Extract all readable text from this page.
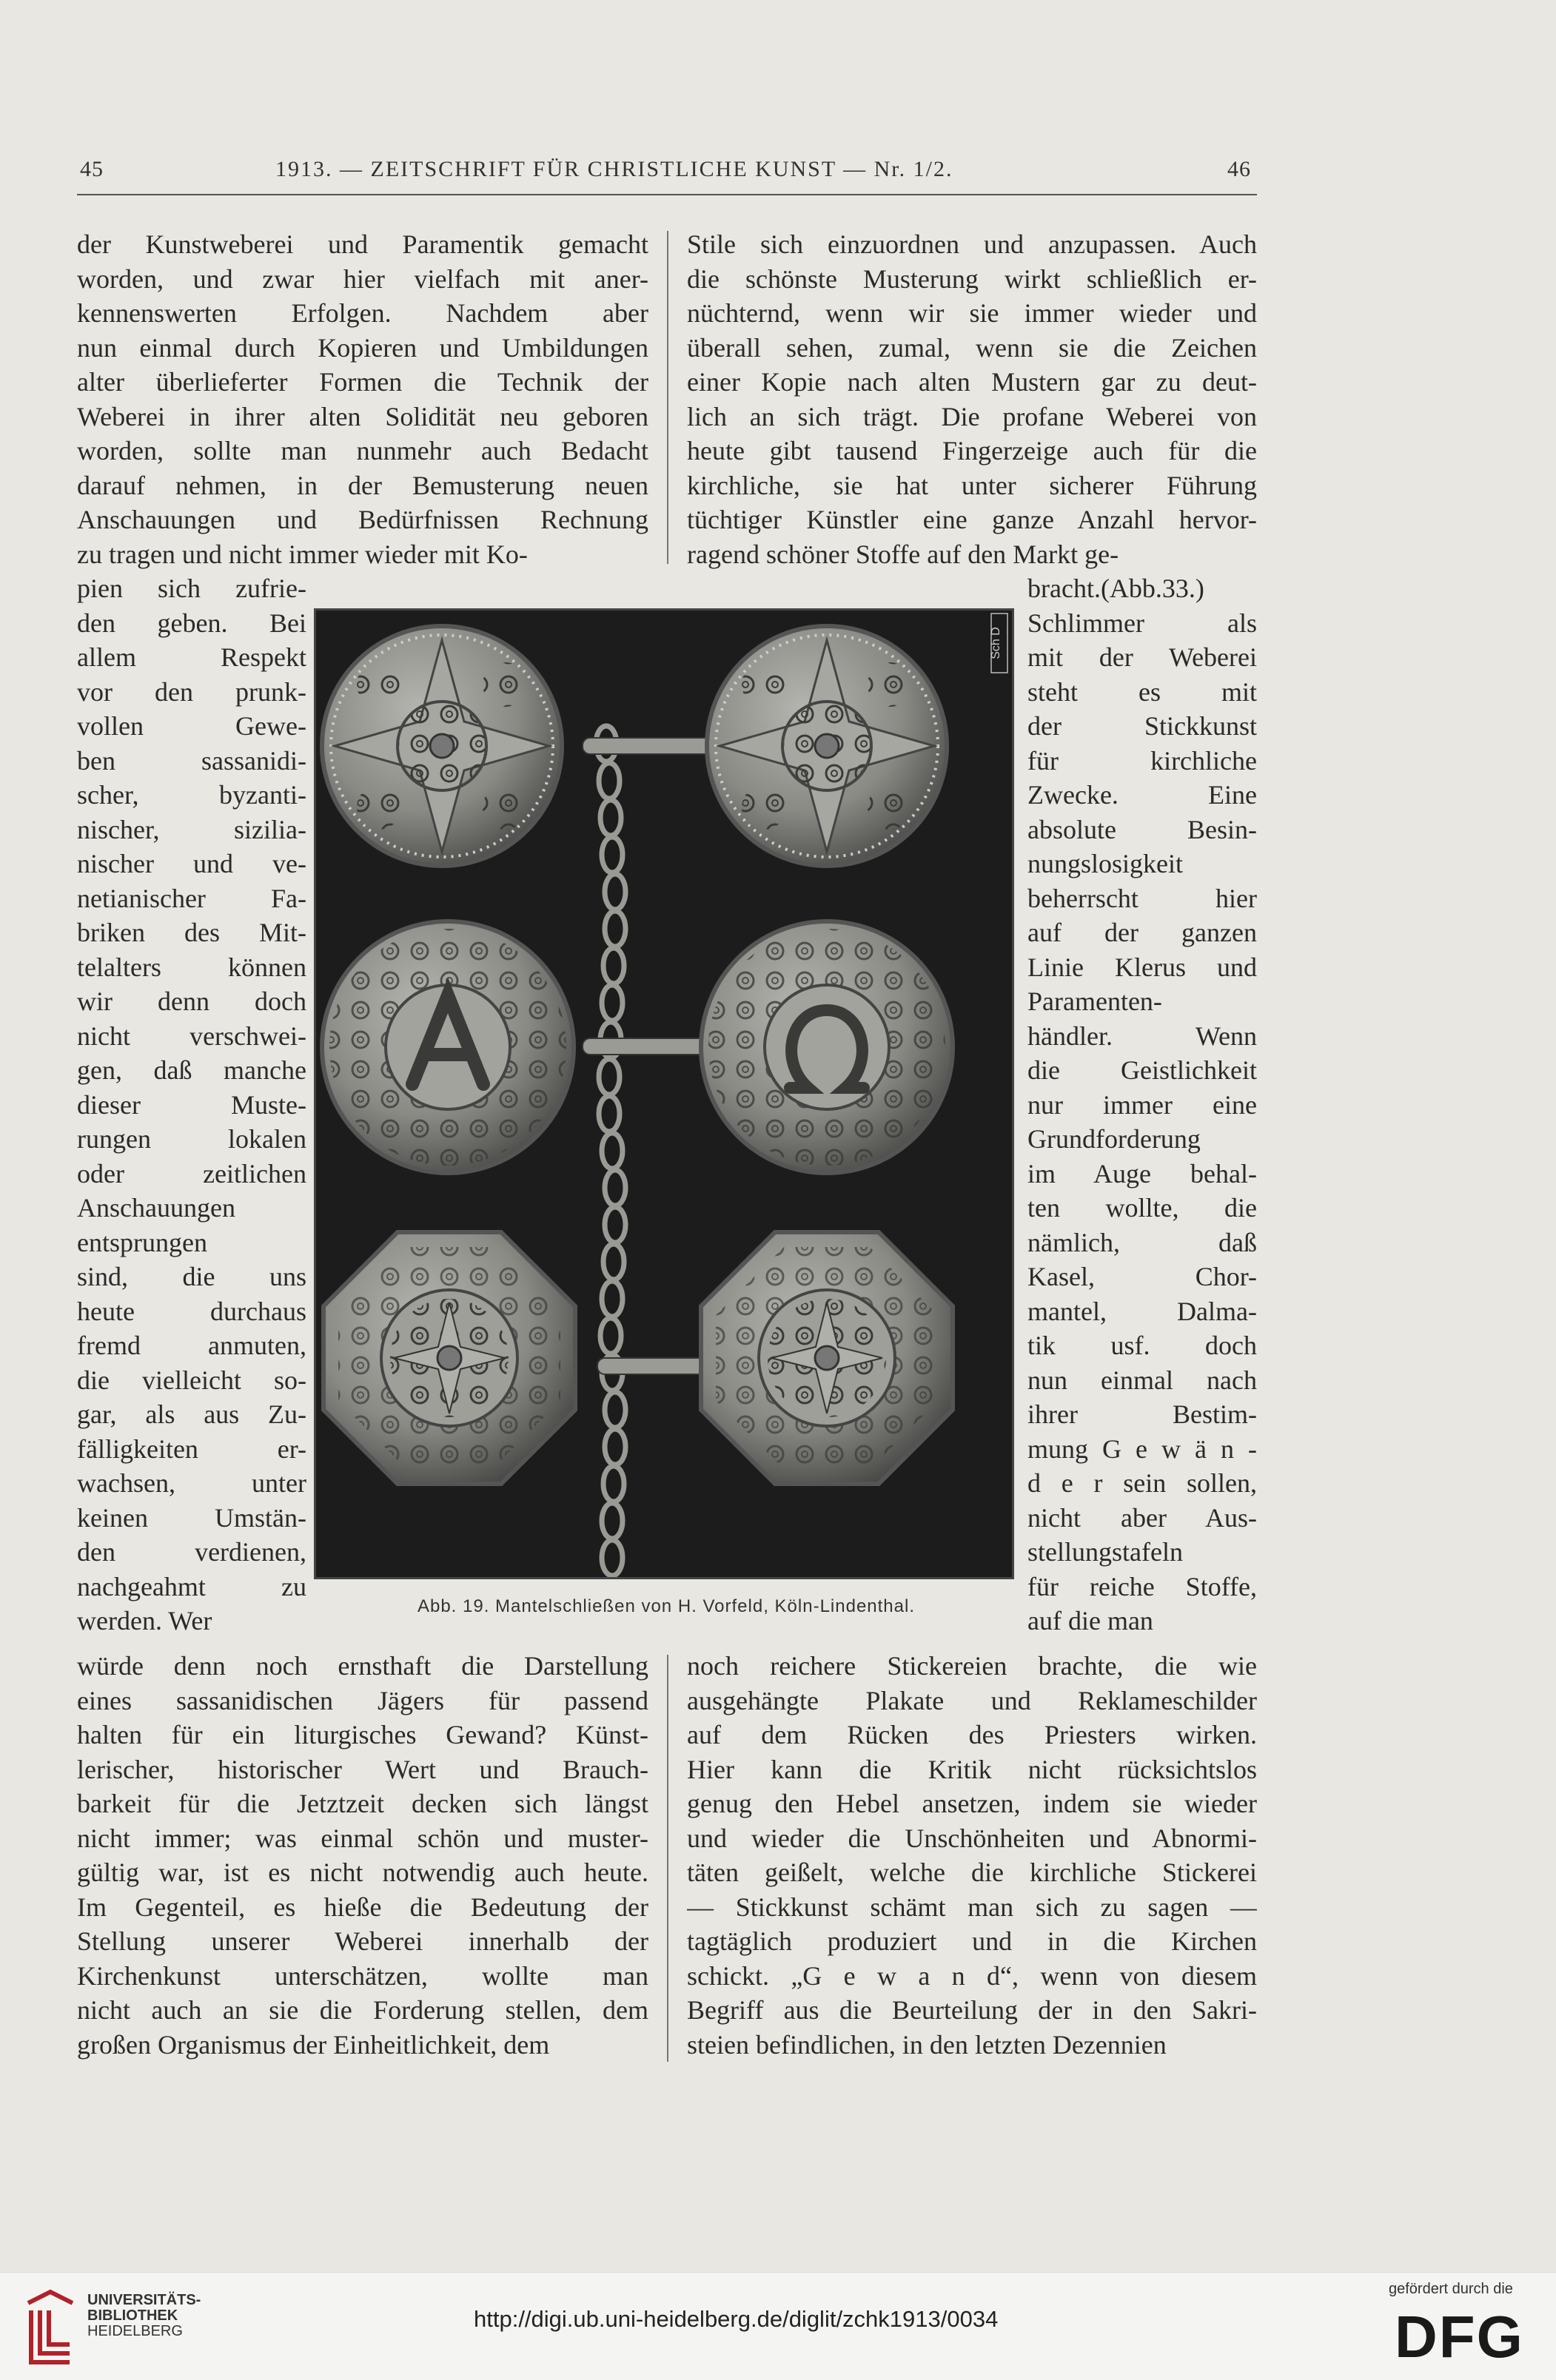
45	1913. — ZEITSCHRIFT FÜR CHRISTLICHE KUNST — Nr. 1/2.	46
der Kunstweberei und Paramentik gemacht
worden, und zwar hier vielfach mit aner-
kennenswerten Erfolgen. Nachdem aber
nun einmal durch Kopieren und Umbildungen
alter überlieferter Formen die Technik der
Weberei in ihrer alten Solidität neu geboren
worden, sollte man nunmehr auch Bedacht
darauf nehmen, in der Bemusterung neuen
Anschauungen und Bedürfnissen Rechnung
zu tragen und nicht immer wieder mit Ko-
Stile sich einzuordnen und anzupassen. Auch
die schönste Musterung wirkt schließlich er-
nüchternd, wenn wir sie immer wieder und
überall sehen, zumal, wenn sie die Zeichen
einer Kopie nach alten Mustern gar zu deut-
lich an sich trägt. Die profane Weberei von
heute gibt tausend Fingerzeige auch für die
kirchliche, sie hat unter sicherer Führung
tüchtiger Künstler eine ganze Anzahl hervor-
ragend schöner Stoffe auf den Markt ge-
pien sich zufrie-
den geben. Bei
allem Respekt
vor den prunk-
vollen Gewe-
ben sassanidi-
scher, byzanti-
nischer, sizilia-
nischer und ve-
netianischer Fa-
briken des Mit-
telalters können
wir denn doch
nicht verschwei-
gen, daß manche
dieser Muste-
rungen lokalen
oder zeitlichen
Anschauungen
entsprungen
sind, die uns
heute durchaus
fremd anmuten,
die vielleicht so-
gar, als aus Zu-
fälligkeiten er-
wachsen, unter
keinen Umstän-
den verdienen,
nachgeahmt zu
werden. Wer
bracht.(Abb.33.)
Schlimmer als
mit der Weberei
steht es mit
der Stickkunst
für kirchliche
Zwecke. Eine
absolute Besin-
nungslosigkeit
beherrscht hier
auf der ganzen
Linie Klerus und
Paramenten-
händler. Wenn
die Geistlichkeit
nur immer eine
Grundforderung
im Auge behal-
ten wollte, die
nämlich, daß
Kasel, Chor-
mantel, Dalma-
tik usf. doch
nun einmal nach
ihrer Bestim-
mung G e w ä n -
d e r sein sollen,
nicht aber Aus-
stellungstafeln
für reiche Stoffe,
auf die man
würde denn noch ernsthaft die Darstellung
eines sassanidischen Jägers für passend
halten für ein liturgisches Gewand? Künst-
lerischer, historischer Wert und Brauch-
barkeit für die Jetztzeit decken sich längst
nicht immer; was einmal schön und muster-
gültig war, ist es nicht notwendig auch heute.
Im Gegenteil, es hieße die Bedeutung der
Stellung unserer Weberei innerhalb der
Kirchenkunst unterschätzen, wollte man
nicht auch an sie die Forderung stellen, dem
großen Organismus der Einheitlichkeit, dem
noch reichere Stickereien brachte, die wie
ausgehängte Plakate und Reklameschilder
auf dem Rücken des Priesters wirken.
Hier kann die Kritik nicht rücksichtslos
genug den Hebel ansetzen, indem sie wieder
und wieder die Unschönheiten und Abnormi-
täten geißelt, welche die kirchliche Stickerei
— Stickkunst schämt man sich zu sagen —
tagtäglich produziert und in die Kirchen
schickt. „G e w a n d“, wenn von diesem
Begriff aus die Beurteilung der in den Sakri-
steien befindlichen, in den letzten Dezennien
Sch D
Abb. 19. Mantelschließen von H. Vorfeld, Köln-Lindenthal.
UNIVERSITÄTS-
BIBLIOTHEK
HEIDELBERG	http://digi.ub.uni-heidelberg.de/diglit/zchk1913/0034
gefördert durch die
DFG
